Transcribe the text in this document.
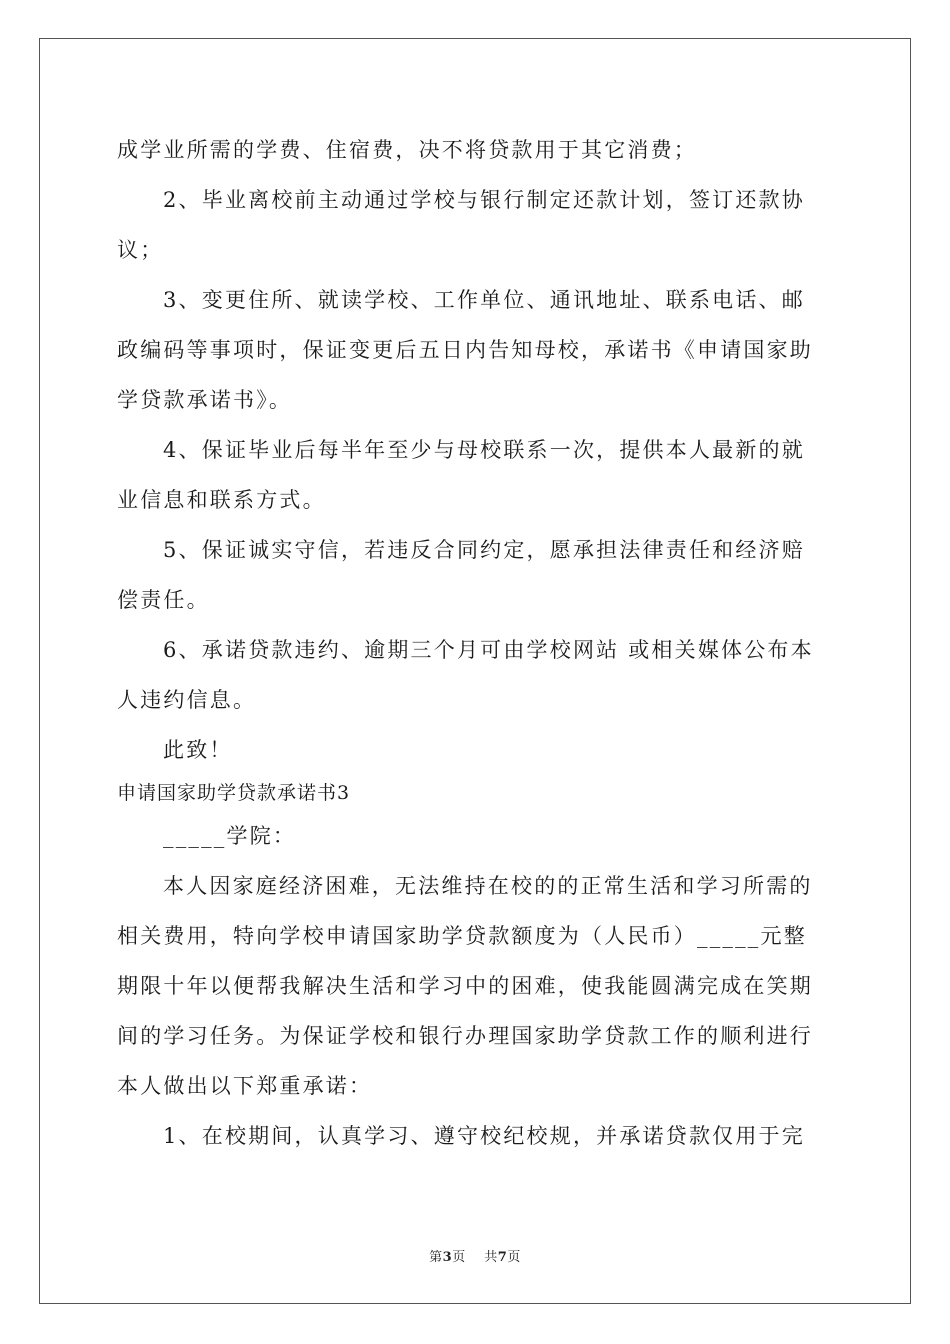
成学业所需的学费、住宿费，决不将贷款用于其它消费；
2、毕业离校前主动通过学校与银行制定还款计划，签订还款协
议；
3、变更住所、就读学校、工作单位、通讯地址、联系电话、邮
政编码等事项时，保证变更后五日内告知母校，承诺书《申请国家助
学贷款承诺书》。
4、保证毕业后每半年至少与母校联系一次，提供本人最新的就
业信息和联系方式。
5、保证诚实守信，若违反合同约定，愿承担法律责任和经济赔
偿责任。
6、承诺贷款违约、逾期三个月可由学校网站 或相关媒体公布本
人违约信息。
此致！
申请国家助学贷款承诺书3
_____学院：
本人因家庭经济困难，无法维持在校的的正常生活和学习所需的
相关费用，特向学校申请国家助学贷款额度为（人民币）_____元整
期限十年以便帮我解决生活和学习中的困难，使我能圆满完成在笑期
间的学习任务。为保证学校和银行办理国家助学贷款工作的顺利进行
本人做出以下郑重承诺：
1、在校期间，认真学习、遵守校纪校规，并承诺贷款仅用于完
第3页 共7页
